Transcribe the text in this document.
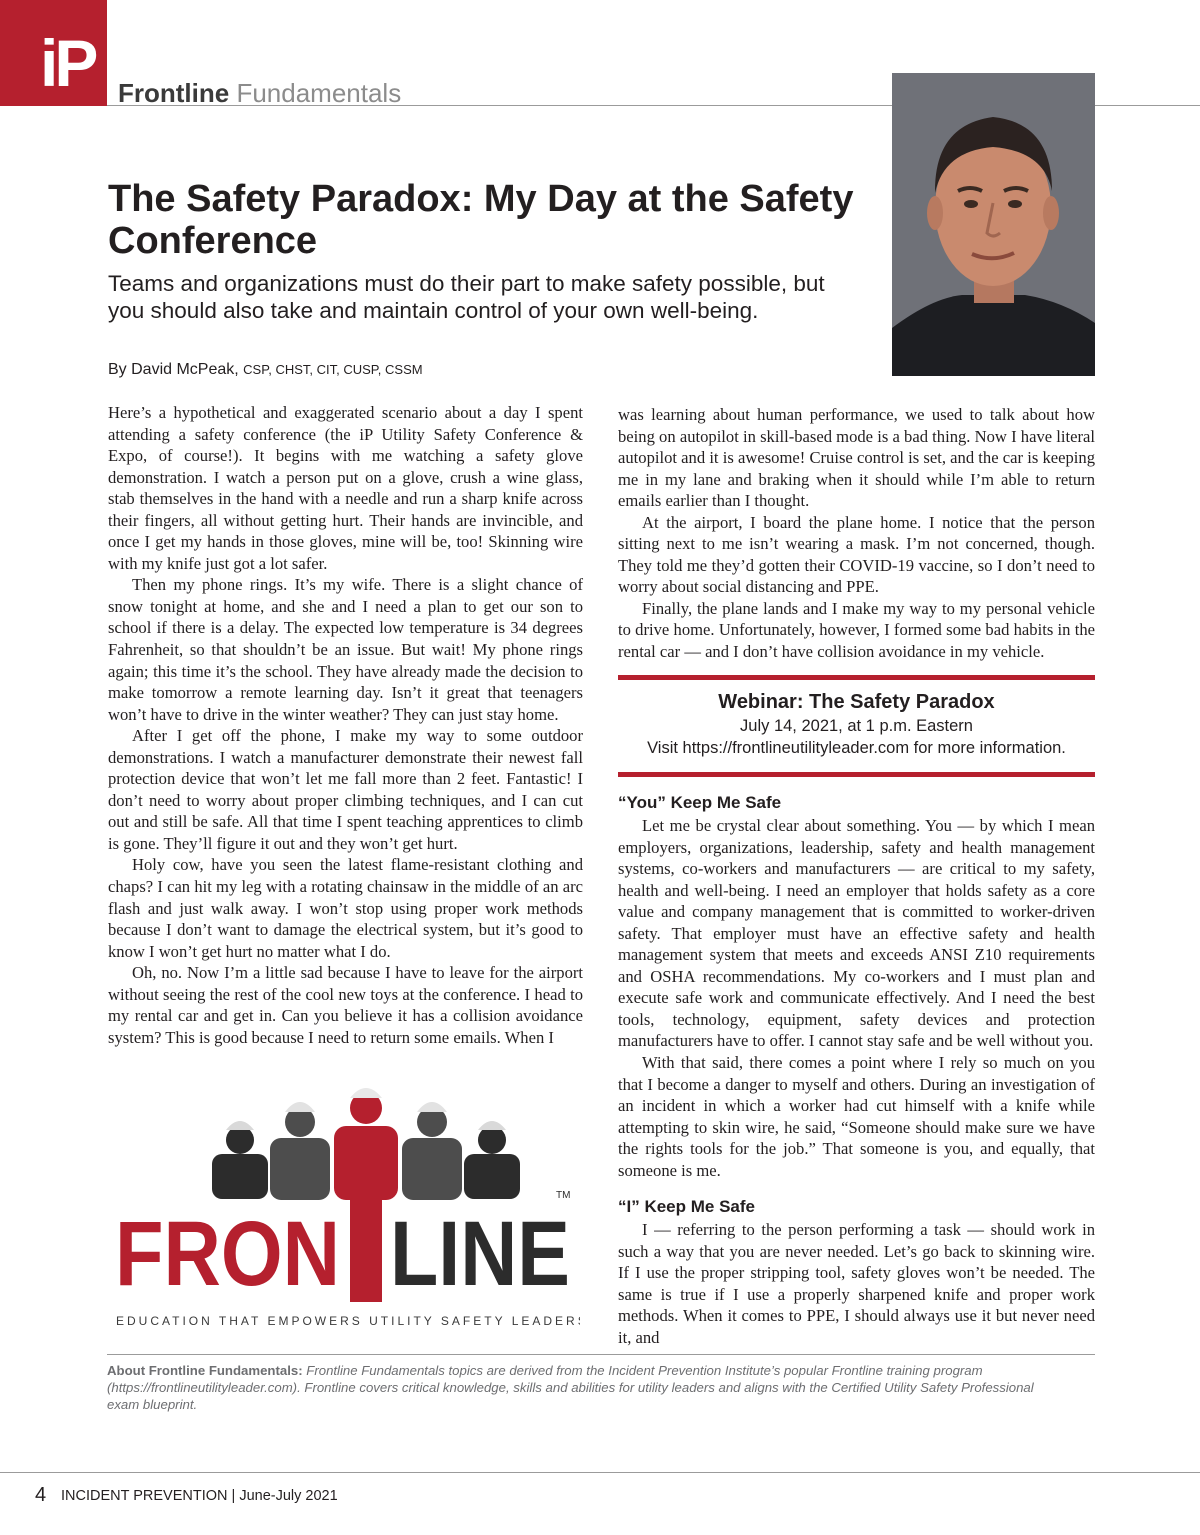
iP Frontline Fundamentals
The Safety Paradox: My Day at the Safety Conference
Teams and organizations must do their part to make safety possible, but you should also take and maintain control of your own well-being.
By David McPeak, CSP, CHST, CIT, CUSP, CSSM

Here’s a hypothetical and exaggerated scenario about a day I spent attending a safety conference (the iP Utility Safety Conference & Expo, of course!). It begins with me watching a safety glove demonstration. I watch a person put on a glove, crush a wine glass, stab themselves in the hand with a needle and run a sharp knife across their fingers, all without getting hurt. Their hands are invincible, and once I get my hands in those gloves, mine will be, too! Skinning wire with my knife just got a lot safer.

Then my phone rings. It’s my wife. There is a slight chance of snow tonight at home, and she and I need a plan to get our son to school if there is a delay. The expected low temperature is 34 degrees Fahrenheit, so that shouldn’t be an issue. But wait! My phone rings again; this time it’s the school. They have already made the decision to make tomorrow a remote learning day. Isn’t it great that teenagers won’t have to drive in the winter weather? They can just stay home.

After I get off the phone, I make my way to some outdoor demonstrations. I watch a manufacturer demonstrate their newest fall protection device that won’t let me fall more than 2 feet. Fantastic! I don’t need to worry about proper climbing techniques, and I can cut out and still be safe. All that time I spent teaching apprentices to climb is gone. They’ll figure it out and they won’t get hurt.

Holy cow, have you seen the latest flame-resistant clothing and chaps? I can hit my leg with a rotating chainsaw in the middle of an arc flash and just walk away. I won’t stop using proper work methods because I don’t want to damage the electrical system, but it’s good to know I won’t get hurt no matter what I do.

Oh, no. Now I’m a little sad because I have to leave for the airport without seeing the rest of the cool new toys at the conference. I head to my rental car and get in. Can you believe it has a collision avoidance system? This is good because I need to return some emails. When I

was learning about human performance, we used to talk about how being on autopilot in skill-based mode is a bad thing. Now I have literal autopilot and it is awesome! Cruise control is set, and the car is keeping me in my lane and braking when it should while I’m able to return emails earlier than I thought.

At the airport, I board the plane home. I notice that the person sitting next to me isn’t wearing a mask. I’m not concerned, though. They told me they’d gotten their COVID-19 vaccine, so I don’t need to worry about social distancing and PPE.

Finally, the plane lands and I make my way to my personal vehicle to drive home. Unfortunately, however, I formed some bad habits in the rental car — and I don’t have collision avoidance in my vehicle.

Webinar: The Safety Paradox
July 14, 2021, at 1 p.m. Eastern
Visit https://frontlineutilityleader.com for more information.
“You” Keep Me Safe

Let me be crystal clear about something. You — by which I mean employers, organizations, leadership, safety and health management systems, co-workers and manufacturers — are critical to my safety, health and well-being. I need an employer that holds safety as a core value and company management that is committed to worker-driven safety. That employer must have an effective safety and health management system that meets and exceeds ANSI Z10 requirements and OSHA recommendations. My co-workers and I must plan and execute safe work and communicate effectively. And I need the best tools, technology, equipment, safety devices and protection manufacturers have to offer. I cannot stay safe and be well without you.

With that said, there comes a point where I rely so much on you that I become a danger to myself and others. During an investigation of an incident in which a worker had cut himself with a knife while attempting to skin wire, he said, “Someone should make sure we have the rights tools for the job.” That someone is you, and equally, that someone is me.

“I” Keep Me Safe

I — referring to the person performing a task — should work in such a way that you are never needed. Let’s go back to skinning wire. If I use the proper stripping tool, safety gloves won’t be needed. The same is true if I use a properly sharpened knife and proper work methods. When it comes to PPE, I should always use it but never need it, and

FRON LINE
TM
EDUCATION THAT EMPOWERS UTILITY SAFETY LEADERS
About Frontline Fundamentals: Frontline Fundamentals topics are derived from the Incident Prevention Institute’s popular Frontline training program (https://frontlineutilityleader.com). Frontline covers critical knowledge, skills and abilities for utility leaders and aligns with the Certified Utility Safety Professional exam blueprint.
4 INCIDENT PREVENTION | June-July 2021
